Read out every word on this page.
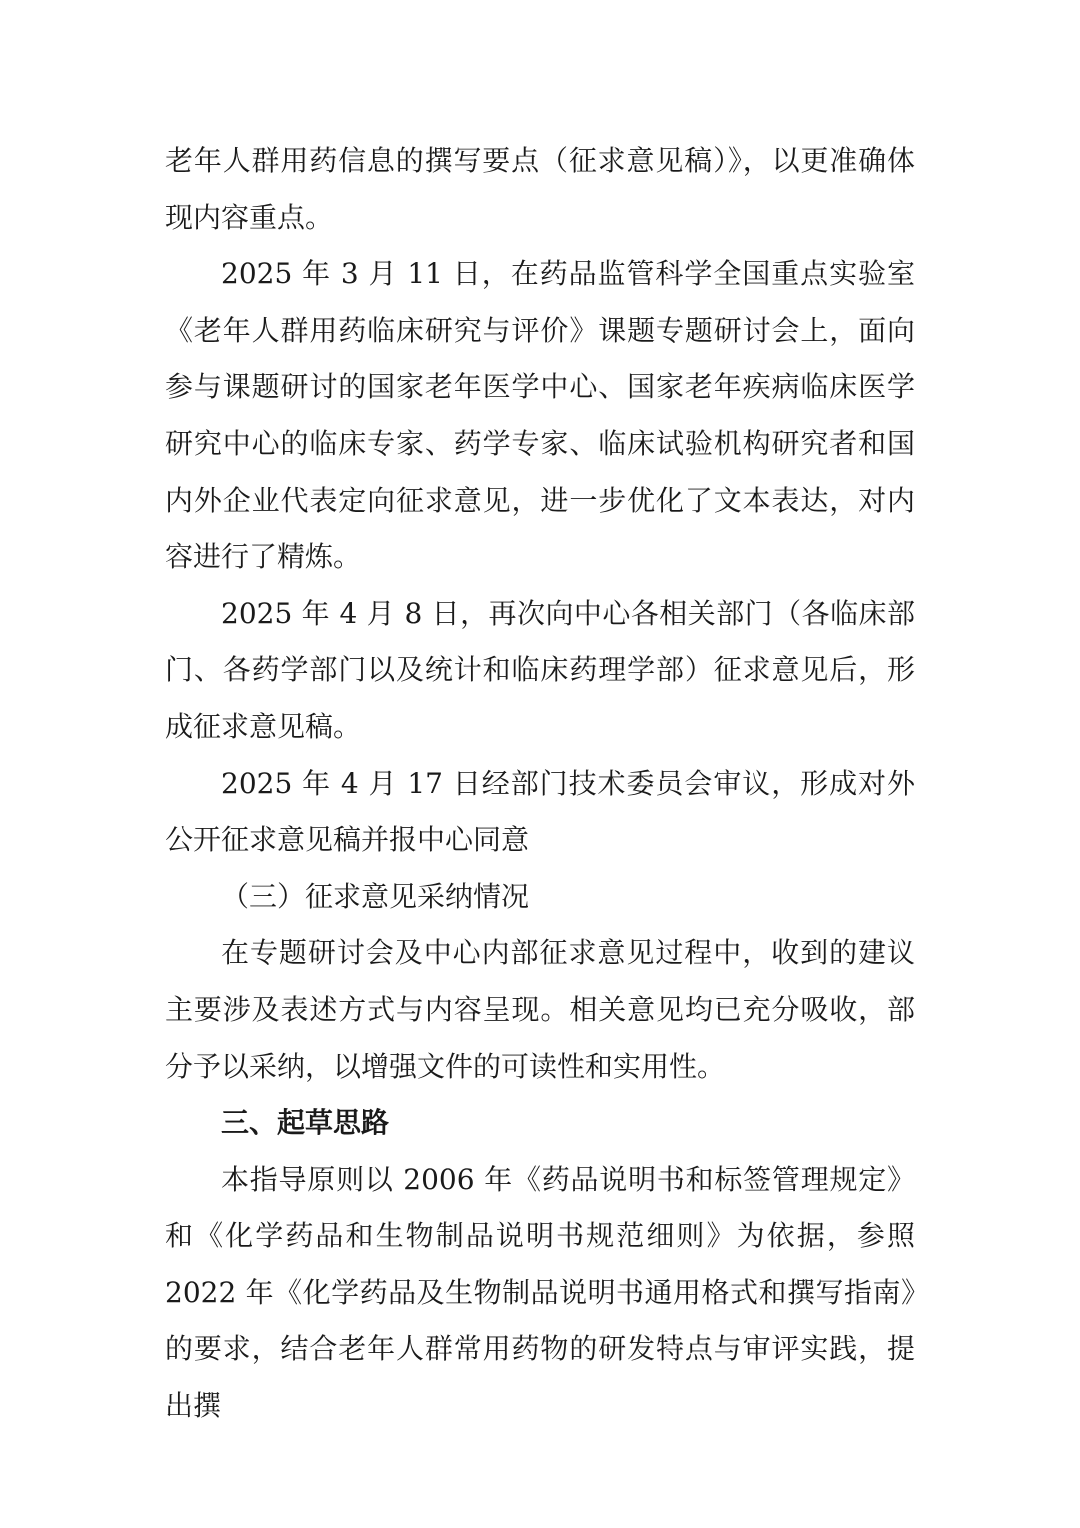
老年人群用药信息的撰写要点（征求意见稿）》，以更准确体现内容重点。

2025 年 3 月 11 日，在药品监管科学全国重点实验室《老年人群用药临床研究与评价》课题专题研讨会上，面向参与课题研讨的国家老年医学中心、国家老年疾病临床医学研究中心的临床专家、药学专家、临床试验机构研究者和国内外企业代表定向征求意见，进一步优化了文本表达，对内容进行了精炼。

2025 年 4 月 8 日，再次向中心各相关部门（各临床部门、各药学部门以及统计和临床药理学部）征求意见后，形成征求意见稿。

2025 年 4 月 17 日经部门技术委员会审议，形成对外公开征求意见稿并报中心同意

（三）征求意见采纳情况

在专题研讨会及中心内部征求意见过程中，收到的建议主要涉及表述方式与内容呈现。相关意见均已充分吸收，部分予以采纳，以增强文件的可读性和实用性。

三、起草思路

本指导原则以 2006 年《药品说明书和标签管理规定》和《化学药品和生物制品说明书规范细则》为依据，参照 2022 年《化学药品及生物制品说明书通用格式和撰写指南》的要求，结合老年人群常用药物的研发特点与审评实践，提出撰
